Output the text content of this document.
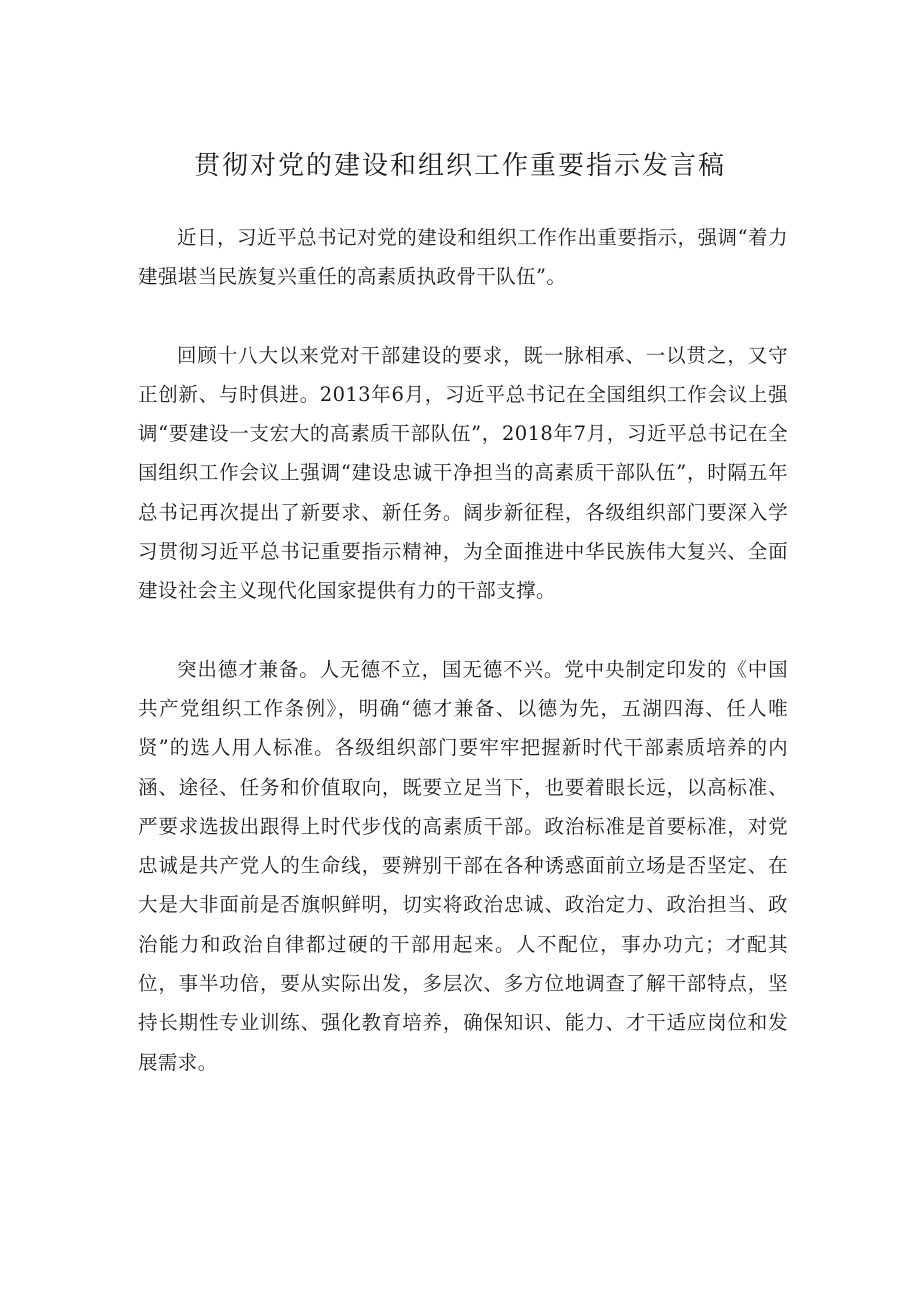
贯彻对党的建设和组织工作重要指示发言稿

近日，习近平总书记对党的建设和组织工作作出重要指示，强调“着力建强堪当民族复兴重任的高素质执政骨干队伍”。

回顾十八大以来党对干部建设的要求，既一脉相承、一以贯之，又守正创新、与时俱进。2013年6月，习近平总书记在全国组织工作会议上强调“要建设一支宏大的高素质干部队伍”，2018年7月，习近平总书记在全国组织工作会议上强调“建设忠诚干净担当的高素质干部队伍”，时隔五年总书记再次提出了新要求、新任务。阔步新征程，各级组织部门要深入学习贯彻习近平总书记重要指示精神，为全面推进中华民族伟大复兴、全面建设社会主义现代化国家提供有力的干部支撑。

突出德才兼备。人无德不立，国无德不兴。党中央制定印发的《中国共产党组织工作条例》，明确“德才兼备、以德为先，五湖四海、任人唯贤”的选人用人标准。各级组织部门要牢牢把握新时代干部素质培养的内涵、途径、任务和价值取向，既要立足当下，也要着眼长远，以高标准、严要求选拔出跟得上时代步伐的高素质干部。政治标准是首要标准，对党忠诚是共产党人的生命线，要辨别干部在各种诱惑面前立场是否坚定、在大是大非面前是否旗帜鲜明，切实将政治忠诚、政治定力、政治担当、政治能力和政治自律都过硬的干部用起来。人不配位，事办功亢；才配其位，事半功倍，要从实际出发，多层次、多方位地调查了解干部特点，坚持长期性专业训练、强化教育培养，确保知识、能力、才干适应岗位和发展需求。
